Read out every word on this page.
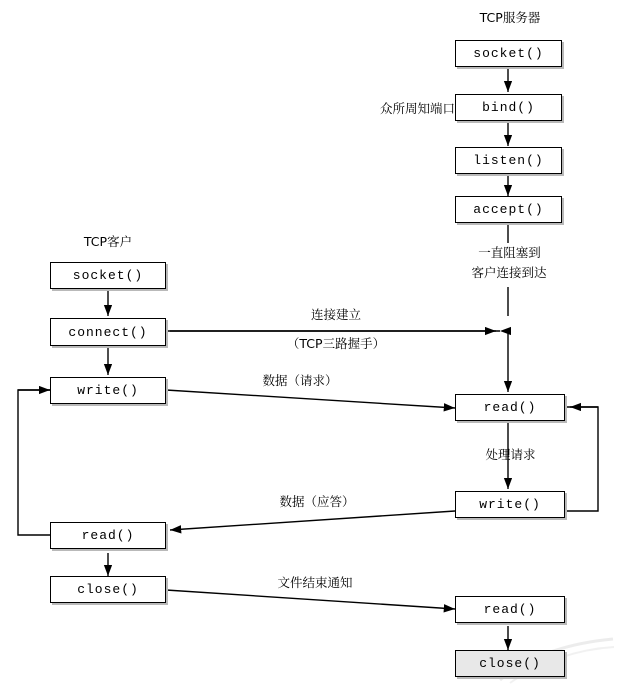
TCP服务器
TCP客户
socket()
bind()
listen()
accept()
read()
write()
read()
close()
socket()
connect()
write()
read()
close()
众所周知端口
一直阻塞到
客户连接到达
连接建立
（TCP三路握手）
数据（请求）
处理请求
数据（应答）
文件结束通知
